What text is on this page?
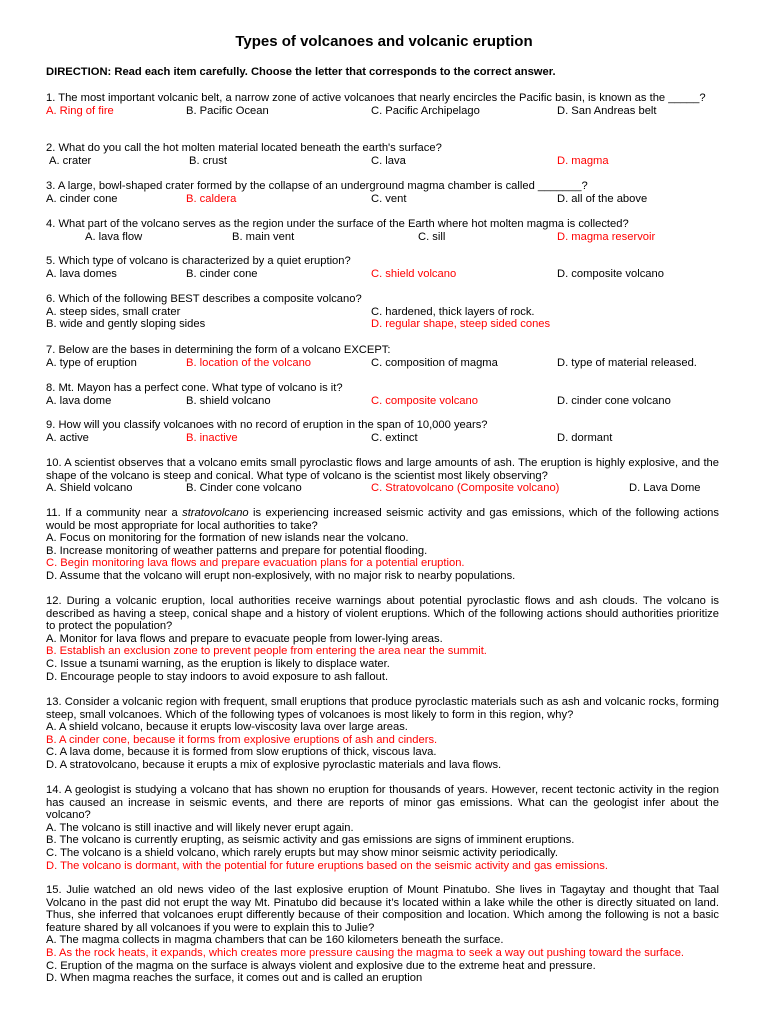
Types of volcanoes and volcanic eruption
DIRECTION: Read each item carefully. Choose the letter that corresponds to the correct answer.
1. The most important volcanic belt, a narrow zone of active volcanoes that nearly encircles the Pacific basin, is known as the _____?
A. Ring of fire	B. Pacific Ocean	C. Pacific Archipelago	D. San Andreas belt
2. What do you call the hot molten material located beneath the earth's surface?
A. crater	B. crust	C. lava	D. magma
3. A large, bowl-shaped crater formed by the collapse of an underground magma chamber is called _______?
A. cinder cone	B. caldera	C. vent	D. all of the above
4. What part of the volcano serves as the region under the surface of the Earth where hot molten magma is collected?
A. lava flow	B. main vent	C. sill	D. magma reservoir
5. Which type of volcano is characterized by a quiet eruption?
A. lava domes	B. cinder cone	C. shield volcano	D. composite volcano
6. Which of the following BEST describes a composite volcano?
A. steep sides, small crater	C. hardened, thick layers of rock.
B. wide and gently sloping sides	D. regular shape, steep sided cones
7. Below are the bases in determining the form of a volcano EXCEPT:
A. type of eruption	B. location of the volcano	C. composition of magma	D. type of material released.
8. Mt. Mayon has a perfect cone. What type of volcano is it?
A. lava dome	B. shield volcano	C. composite volcano	D. cinder cone volcano
9. How will you classify volcanoes with no record of eruption in the span of 10,000 years?
A. active	B. inactive	C. extinct	D. dormant
10. A scientist observes that a volcano emits small pyroclastic flows and large amounts of ash. The eruption is highly explosive, and the shape of the volcano is steep and conical. What type of volcano is the scientist most likely observing?
A. Shield volcano	B. Cinder cone volcano	C. Stratovolcano (Composite volcano)	D. Lava Dome
11. If a community near a stratovolcano is experiencing increased seismic activity and gas emissions, which of the following actions would be most appropriate for local authorities to take?
A. Focus on monitoring for the formation of new islands near the volcano.
B. Increase monitoring of weather patterns and prepare for potential flooding.
C. Begin monitoring lava flows and prepare evacuation plans for a potential eruption.
D. Assume that the volcano will erupt non-explosively, with no major risk to nearby populations.
12. During a volcanic eruption, local authorities receive warnings about potential pyroclastic flows and ash clouds. The volcano is described as having a steep, conical shape and a history of violent eruptions. Which of the following actions should authorities prioritize to protect the population?
A. Monitor for lava flows and prepare to evacuate people from lower-lying areas.
B. Establish an exclusion zone to prevent people from entering the area near the summit.
C. Issue a tsunami warning, as the eruption is likely to displace water.
D. Encourage people to stay indoors to avoid exposure to ash fallout.
13. Consider a volcanic region with frequent, small eruptions that produce pyroclastic materials such as ash and volcanic rocks, forming steep, small volcanoes. Which of the following types of volcanoes is most likely to form in this region, why?
A. A shield volcano, because it erupts low-viscosity lava over large areas.
B. A cinder cone, because it forms from explosive eruptions of ash and cinders.
C. A lava dome, because it is formed from slow eruptions of thick, viscous lava.
D. A stratovolcano, because it erupts a mix of explosive pyroclastic materials and lava flows.
14. A geologist is studying a volcano that has shown no eruption for thousands of years. However, recent tectonic activity in the region has caused an increase in seismic events, and there are reports of minor gas emissions. What can the geologist infer about the volcano?
A. The volcano is still inactive and will likely never erupt again.
B. The volcano is currently erupting, as seismic activity and gas emissions are signs of imminent eruptions.
C. The volcano is a shield volcano, which rarely erupts but may show minor seismic activity periodically.
D. The volcano is dormant, with the potential for future eruptions based on the seismic activity and gas emissions.
15. Julie watched an old news video of the last explosive eruption of Mount Pinatubo. She lives in Tagaytay and thought that Taal Volcano in the past did not erupt the way Mt. Pinatubo did because it’s located within a lake while the other is directly situated on land. Thus, she inferred that volcanoes erupt differently because of their composition and location. Which among the following is not a basic feature shared by all volcanoes if you were to explain this to Julie?
A. The magma collects in magma chambers that can be 160 kilometers beneath the surface.
B. As the rock heats, it expands, which creates more pressure causing the magma to seek a way out pushing toward the surface.
C. Eruption of the magma on the surface is always violent and explosive due to the extreme heat and pressure.
D. When magma reaches the surface, it comes out and is called an eruption
